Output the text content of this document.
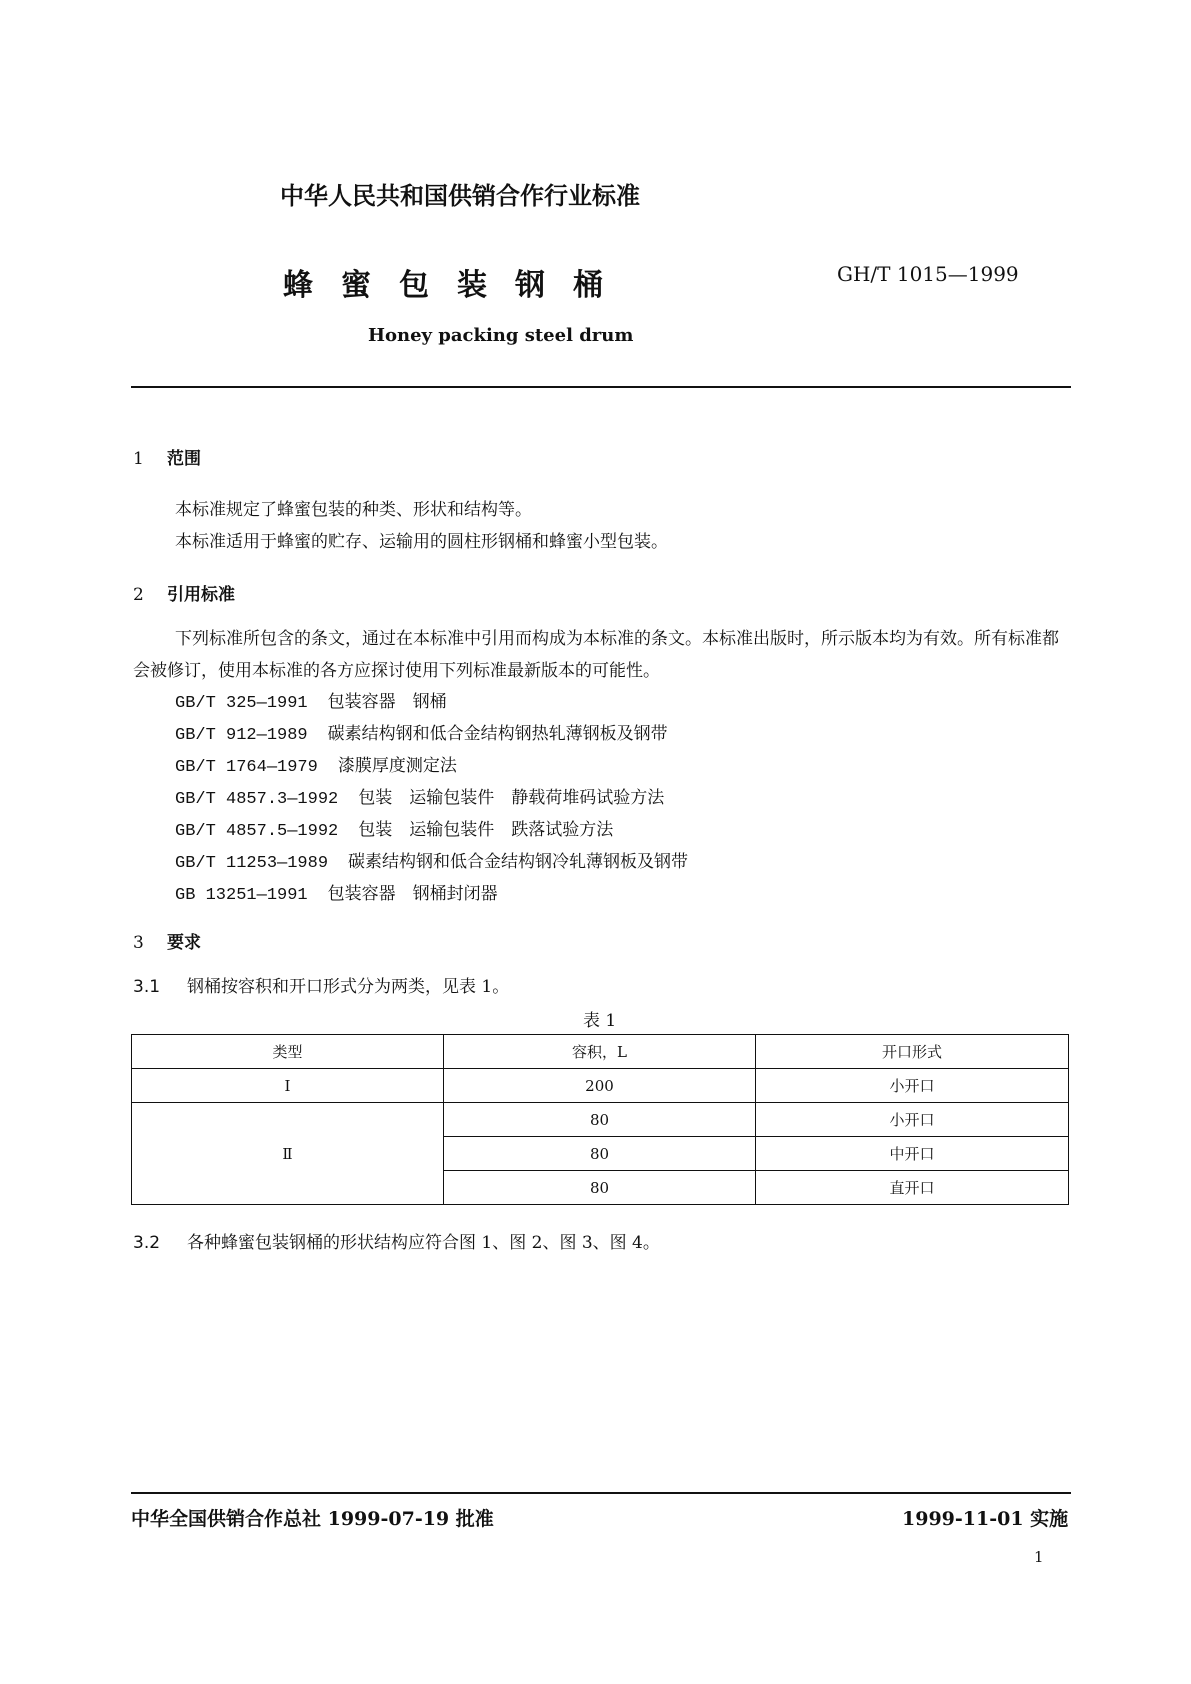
中华人民共和国供销合作行业标准
蜂蜜包装钢桶	GH/T 1015—1999
Honey packing steel drum
1 范围
本标准规定了蜂蜜包装的种类、形状和结构等。
本标准适用于蜂蜜的贮存、运输用的圆柱形钢桶和蜂蜜小型包装。
2 引用标准
下列标准所包含的条文，通过在本标准中引用而构成为本标准的条文。本标准出版时，所示版本均为有效。所有标准都会被修订，使用本标准的各方应探讨使用下列标准最新版本的可能性。
GB/T 325—1991 包装容器　钢桶
GB/T 912—1989 碳素结构钢和低合金结构钢热轧薄钢板及钢带
GB/T 1764—1979 漆膜厚度测定法
GB/T 4857.3—1992 包装　运输包装件　静载荷堆码试验方法
GB/T 4857.5—1992 包装　运输包装件　跌落试验方法
GB/T 11253—1989 碳素结构钢和低合金结构钢冷轧薄钢板及钢带
GB 13251—1991 包装容器　钢桶封闭器
3 要求
3.1 钢桶按容积和开口形式分为两类，见表 1。
表 1
类型	容积，L	开口形式
Ⅰ	200	小开口
Ⅱ	80	小开口
	80	中开口
	80	直开口
3.2 各种蜂蜜包装钢桶的形状结构应符合图 1、图 2、图 3、图 4。
中华全国供销合作总社 1999-07-19 批准	1999-11-01 实施
1
